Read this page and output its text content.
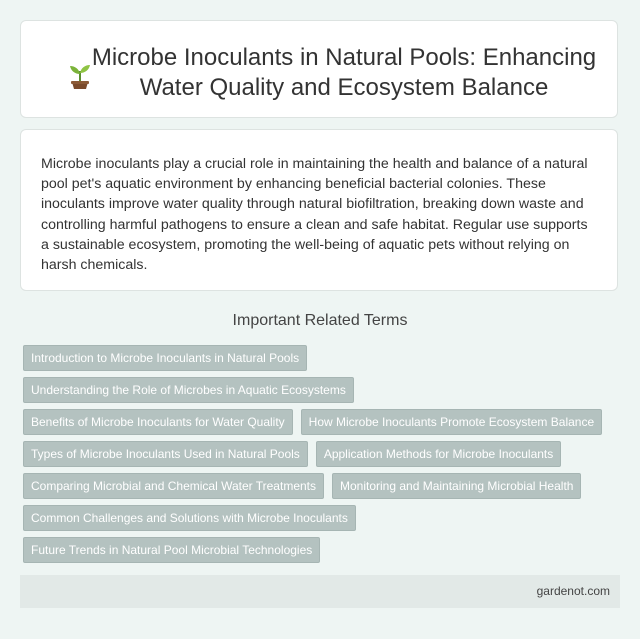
Microbe Inoculants in Natural Pools: Enhancing Water Quality and Ecosystem Balance

Microbe inoculants play a crucial role in maintaining the health and balance of a natural pool pet's aquatic environment by enhancing beneficial bacterial colonies. These inoculants improve water quality through natural biofiltration, breaking down waste and controlling harmful pathogens to ensure a clean and safe habitat. Regular use supports a sustainable ecosystem, promoting the well-being of aquatic pets without relying on harsh chemicals.

Important Related Terms
Introduction to Microbe Inoculants in Natural Pools
Understanding the Role of Microbes in Aquatic Ecosystems
Benefits of Microbe Inoculants for Water Quality	How Microbe Inoculants Promote Ecosystem Balance
Types of Microbe Inoculants Used in Natural Pools	Application Methods for Microbe Inoculants
Comparing Microbial and Chemical Water Treatments	Monitoring and Maintaining Microbial Health
Common Challenges and Solutions with Microbe Inoculants
Future Trends in Natural Pool Microbial Technologies
gardenot.com
